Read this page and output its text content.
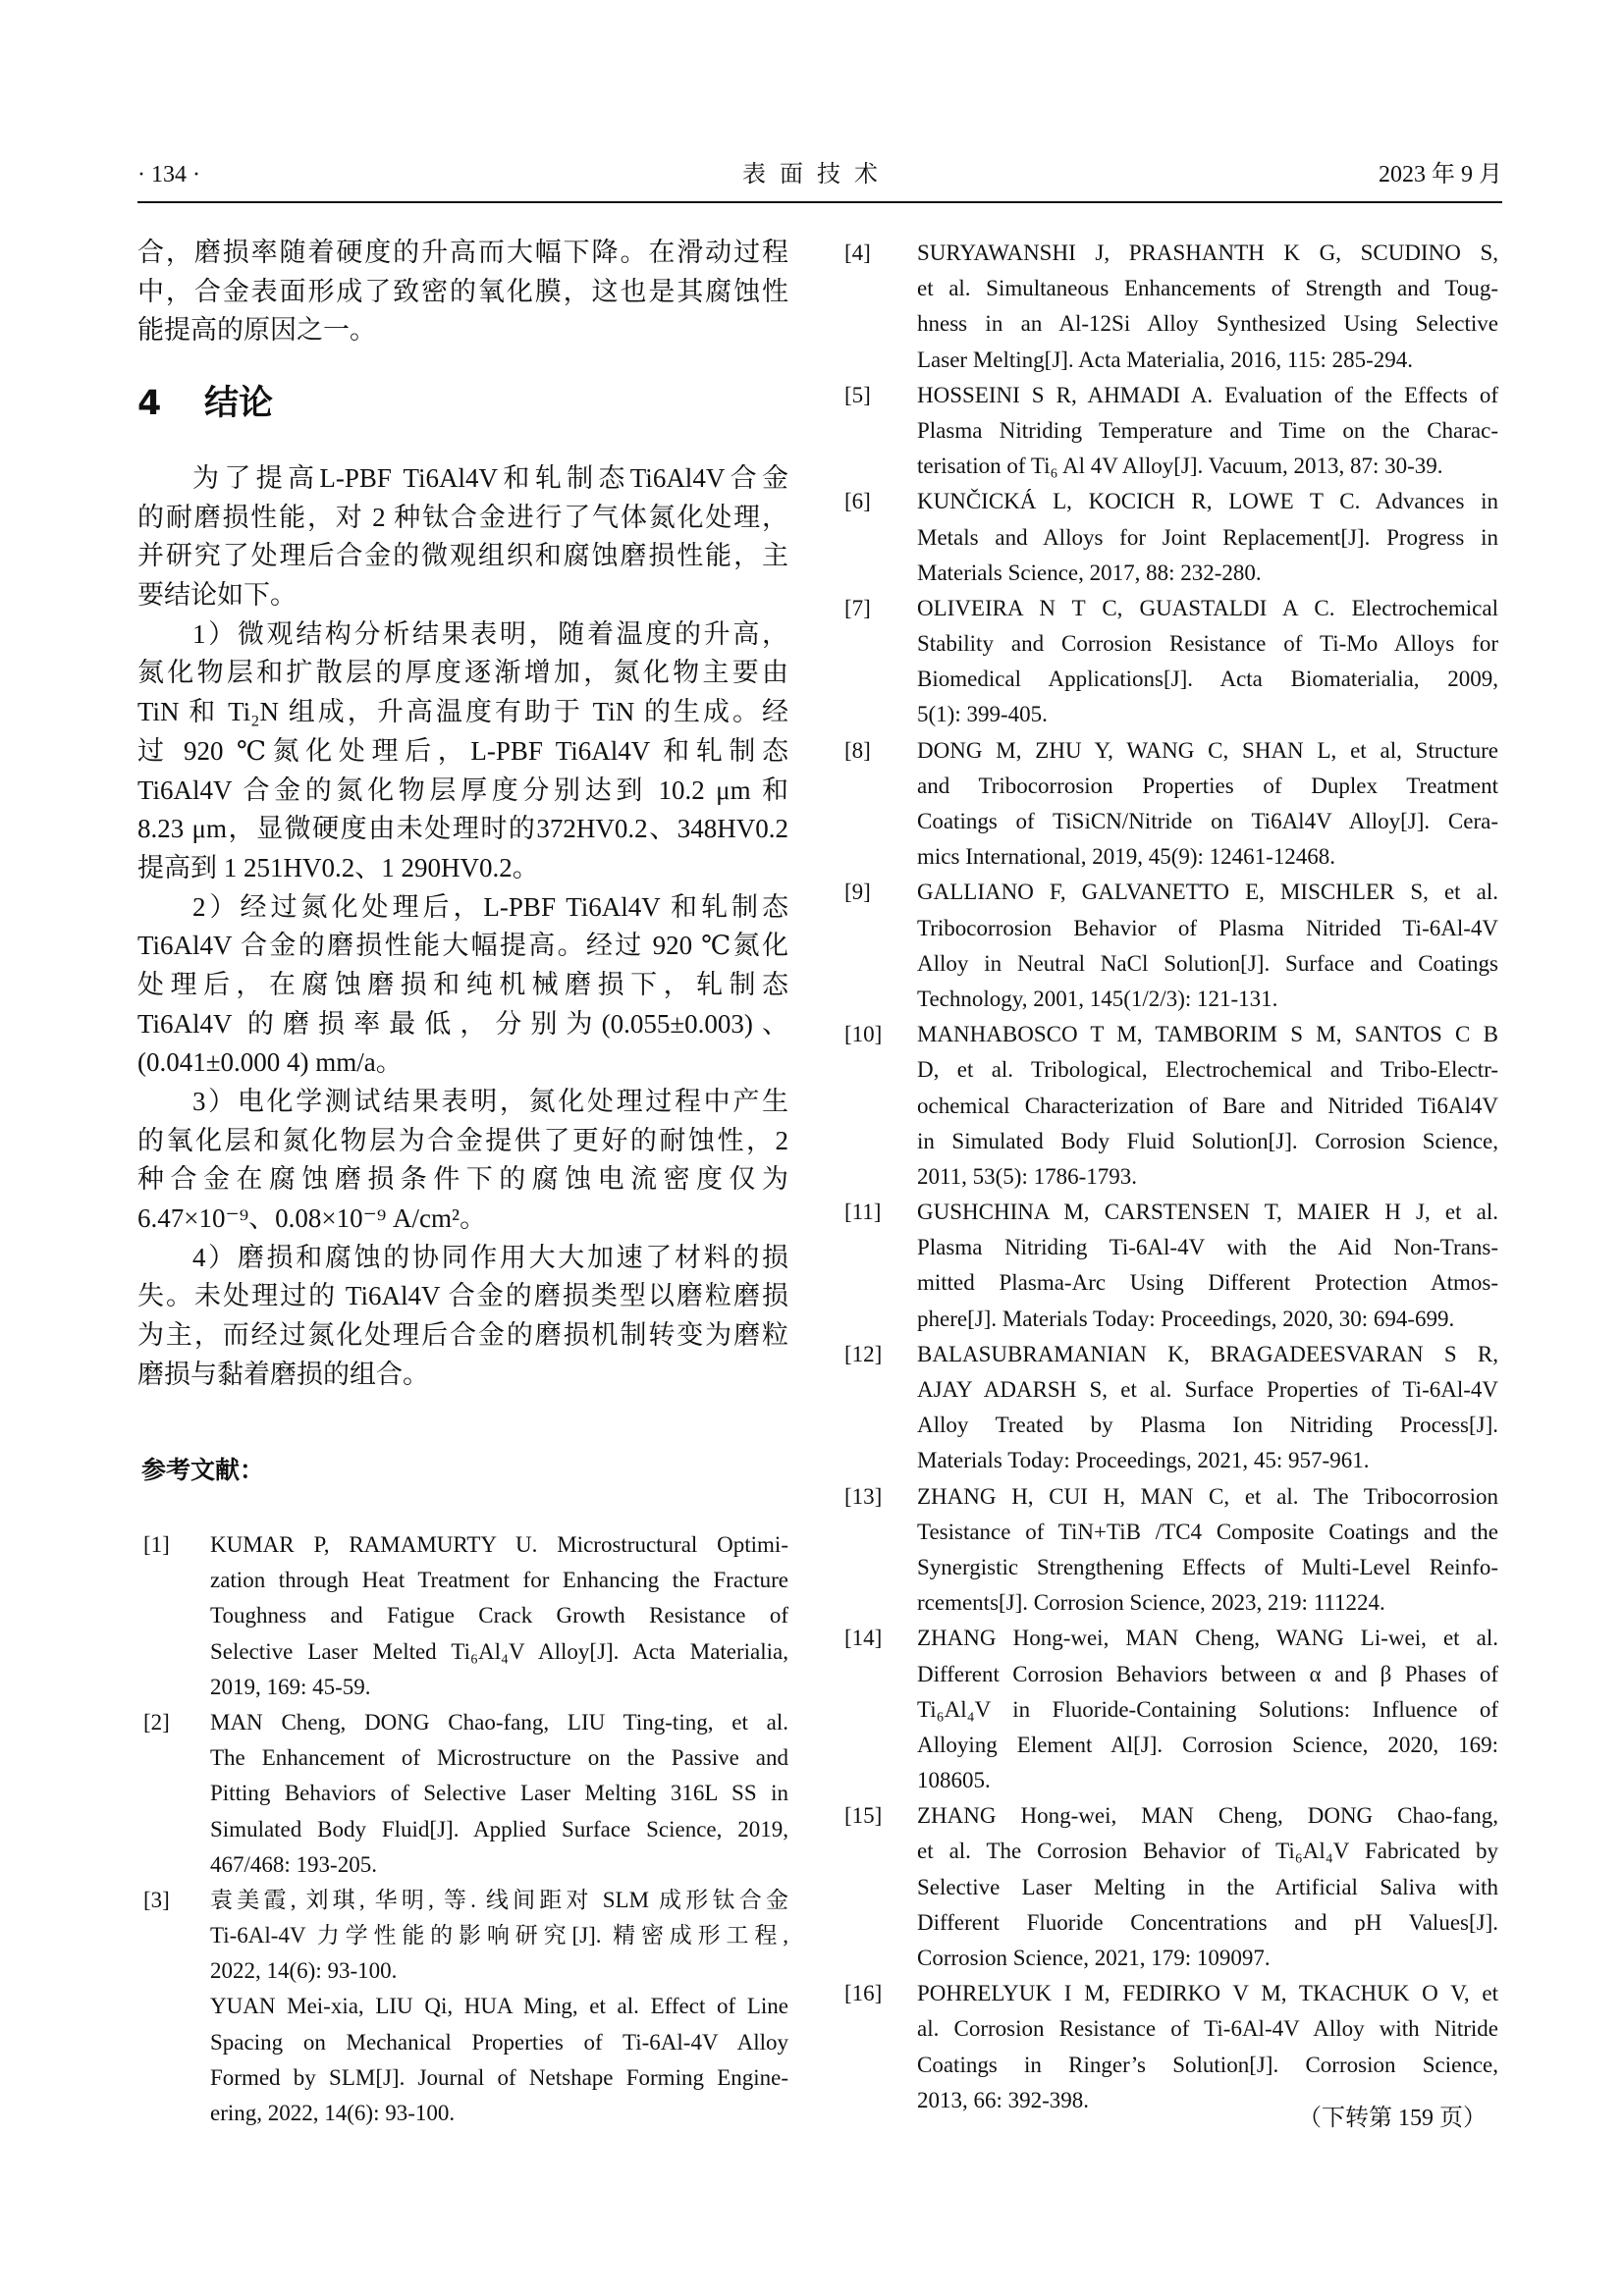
· 134 ·	表面技术	2023 年 9 月
合，磨损率随着硬度的升高而大幅下降。在滑动过程
中，合金表面形成了致密的氧化膜，这也是其腐蚀性
能提高的原因之一。
4 结论
为了提高L-PBF Ti6Al4V和轧制态Ti6Al4V合金
的耐磨损性能，对 2 种钛合金进行了气体氮化处理，
并研究了处理后合金的微观组织和腐蚀磨损性能，主
要结论如下。
1）微观结构分析结果表明，随着温度的升高，
氮化物层和扩散层的厚度逐渐增加，氮化物主要由
TiN 和 Ti₂N 组成，升高温度有助于 TiN 的生成。经
过 920 ℃氮化处理后，L-PBF Ti6Al4V 和轧制态
Ti6Al4V 合金的氮化物层厚度分别达到 10.2 μm 和
8.23 μm，显微硬度由未处理时的372HV0.2、348HV0.2
提高到 1 251HV0.2、1 290HV0.2。
2）经过氮化处理后，L-PBF Ti6Al4V 和轧制态
Ti6Al4V 合金的磨损性能大幅提高。经过 920 ℃氮化
处理后，在腐蚀磨损和纯机械磨损下，轧制态
Ti6Al4V 的磨损率最低，分别为(0.055±0.003)、
(0.041±0.000 4) mm/a。
3）电化学测试结果表明，氮化处理过程中产生
的氧化层和氮化物层为合金提供了更好的耐蚀性，2
种合金在腐蚀磨损条件下的腐蚀电流密度仅为
6.47×10⁻⁹、0.08×10⁻⁹ A/cm²。
4）磨损和腐蚀的协同作用大大加速了材料的损
失。未处理过的 Ti6Al4V 合金的磨损类型以磨粒磨损
为主，而经过氮化处理后合金的磨损机制转变为磨粒
磨损与黏着磨损的组合。
参考文献：
[1]	KUMAR P, RAMAMURTY U. Microstructural Optimi-
zation through Heat Treatment for Enhancing the Fracture
Toughness and Fatigue Crack Growth Resistance of
Selective Laser Melted Ti₆Al₄V Alloy[J]. Acta Materialia,
2019, 169: 45-59.
[2]	MAN Cheng, DONG Chao-fang, LIU Ting-ting, et al.
The Enhancement of Microstructure on the Passive and
Pitting Behaviors of Selective Laser Melting 316L SS in
Simulated Body Fluid[J]. Applied Surface Science, 2019,
467/468: 193-205.
[3]	袁美霞, 刘琪, 华明, 等. 线间距对 SLM 成形钛合金
Ti-6Al-4V 力学性能的影响研究[J]. 精密成形工程,
2022, 14(6): 93-100.
YUAN Mei-xia, LIU Qi, HUA Ming, et al. Effect of Line
Spacing on Mechanical Properties of Ti-6Al-4V Alloy
Formed by SLM[J]. Journal of Netshape Forming Engine-
ering, 2022, 14(6): 93-100.
[4]	SURYAWANSHI J, PRASHANTH K G, SCUDINO S,
et al. Simultaneous Enhancements of Strength and Toug-
hness in an Al-12Si Alloy Synthesized Using Selective
Laser Melting[J]. Acta Materialia, 2016, 115: 285-294.
[5]	HOSSEINI S R, AHMADI A. Evaluation of the Effects of
Plasma Nitriding Temperature and Time on the Charac-
terisation of Ti₆ Al 4V Alloy[J]. Vacuum, 2013, 87: 30-39.
[6]	KUNČICKÁ L, KOCICH R, LOWE T C. Advances in
Metals and Alloys for Joint Replacement[J]. Progress in
Materials Science, 2017, 88: 232-280.
[7]	OLIVEIRA N T C, GUASTALDI A C. Electrochemical
Stability and Corrosion Resistance of Ti-Mo Alloys for
Biomedical Applications[J]. Acta Biomaterialia, 2009,
5(1): 399-405.
[8]	DONG M, ZHU Y, WANG C, SHAN L, et al, Structure
and Tribocorrosion Properties of Duplex Treatment
Coatings of TiSiCN/Nitride on Ti6Al4V Alloy[J]. Cera-
mics International, 2019, 45(9): 12461-12468.
[9]	GALLIANO F, GALVANETTO E, MISCHLER S, et al.
Tribocorrosion Behavior of Plasma Nitrided Ti-6Al-4V
Alloy in Neutral NaCl Solution[J]. Surface and Coatings
Technology, 2001, 145(1/2/3): 121-131.
[10]	MANHABOSCO T M, TAMBORIM S M, SANTOS C B
D, et al. Tribological, Electrochemical and Tribo-Electr-
ochemical Characterization of Bare and Nitrided Ti6Al4V
in Simulated Body Fluid Solution[J]. Corrosion Science,
2011, 53(5): 1786-1793.
[11]	GUSHCHINA M, CARSTENSEN T, MAIER H J, et al.
Plasma Nitriding Ti-6Al-4V with the Aid Non-Trans-
mitted Plasma-Arc Using Different Protection Atmos-
phere[J]. Materials Today: Proceedings, 2020, 30: 694-699.
[12]	BALASUBRAMANIAN K, BRAGADEESVARAN S R,
AJAY ADARSH S, et al. Surface Properties of Ti-6Al-4V
Alloy Treated by Plasma Ion Nitriding Process[J].
Materials Today: Proceedings, 2021, 45: 957-961.
[13]	ZHANG H, CUI H, MAN C, et al. The Tribocorrosion
Tesistance of TiN+TiB /TC4 Composite Coatings and the
Synergistic Strengthening Effects of Multi-Level Reinfo-
rcements[J]. Corrosion Science, 2023, 219: 111224.
[14]	ZHANG Hong-wei, MAN Cheng, WANG Li-wei, et al.
Different Corrosion Behaviors between α and β Phases of
Ti₆Al₄V in Fluoride-Containing Solutions: Influence of
Alloying Element Al[J]. Corrosion Science, 2020, 169:
108605.
[15]	ZHANG Hong-wei, MAN Cheng, DONG Chao-fang,
et al. The Corrosion Behavior of Ti₆Al₄V Fabricated by
Selective Laser Melting in the Artificial Saliva with
Different Fluoride Concentrations and pH Values[J].
Corrosion Science, 2021, 179: 109097.
[16]	POHRELYUK I M, FEDIRKO V M, TKACHUK O V, et
al. Corrosion Resistance of Ti-6Al-4V Alloy with Nitride
Coatings in Ringer’s Solution[J]. Corrosion Science,
2013, 66: 392-398.
（下转第 159 页）
